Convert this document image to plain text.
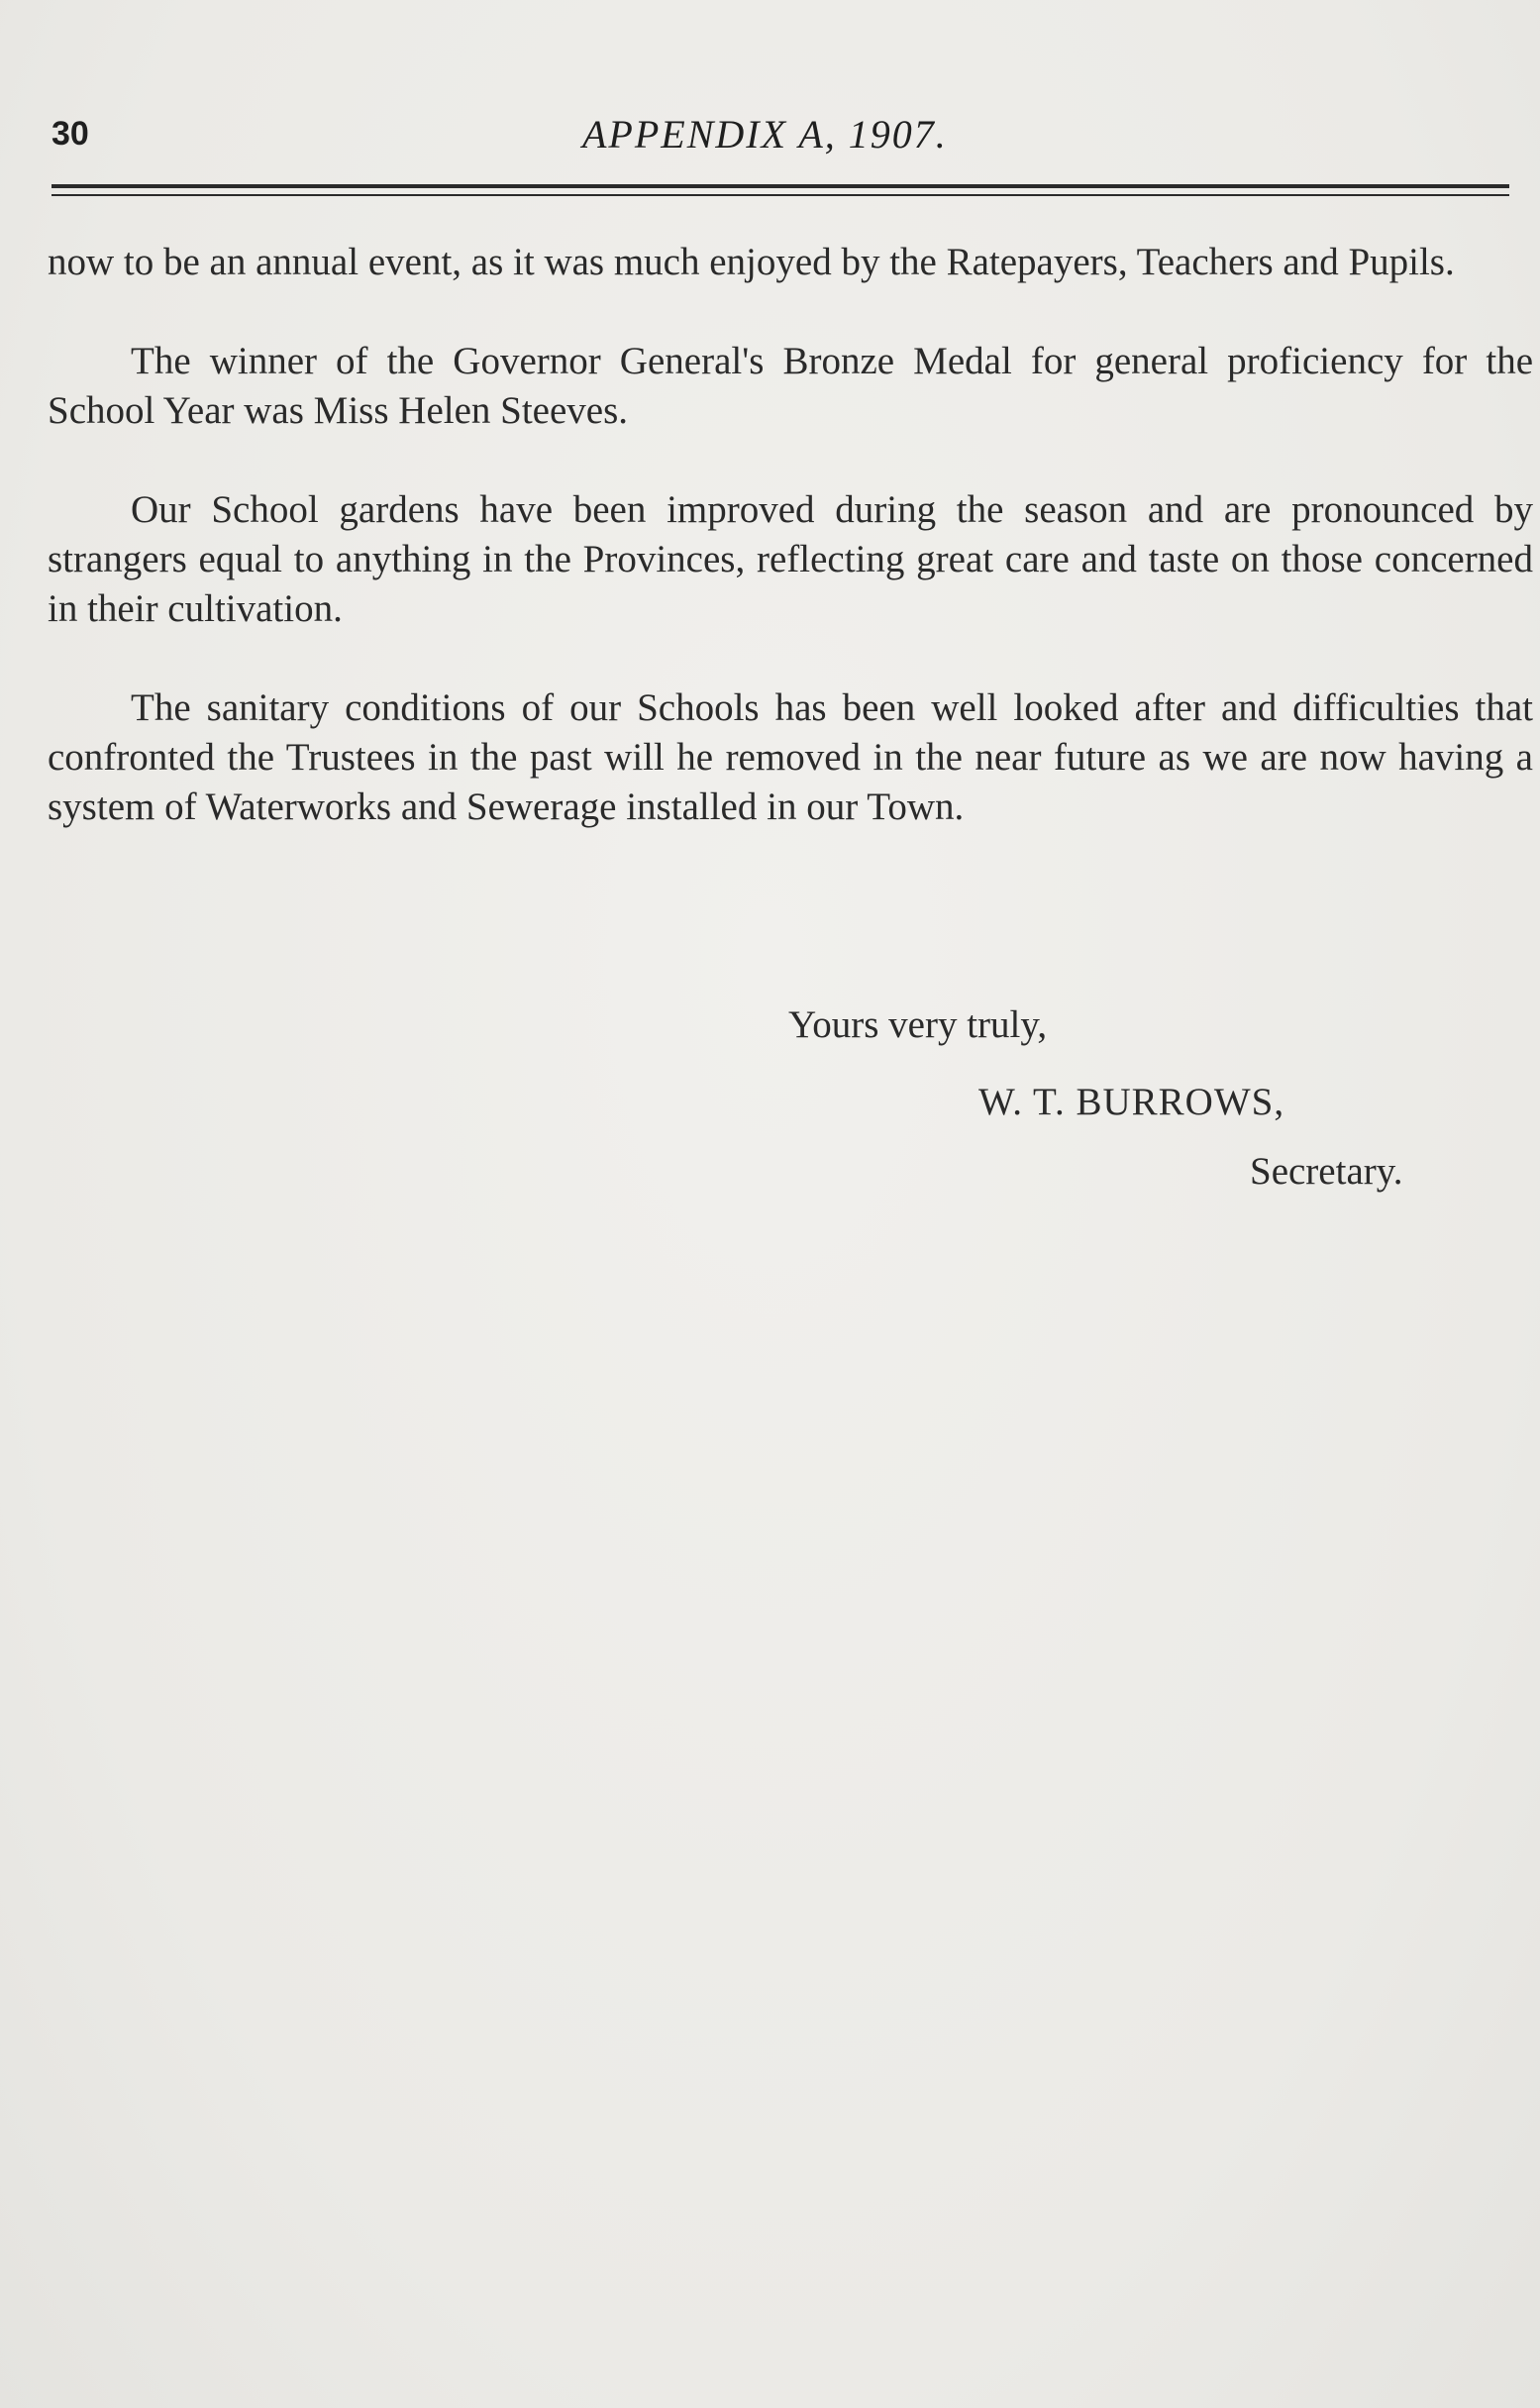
30	APPENDIX A, 1907.

now to be an annual event, as it was much enjoyed by the Ratepayers, Teachers and Pupils.

The winner of the Governor General's Bronze Medal for general proficiency for the School Year was Miss Helen Steeves.

Our School gardens have been improved during the season and are pronounced by strangers equal to anything in the Provinces, reflecting great care and taste on those concerned in their cultivation.

The sanitary conditions of our Schools has been well looked after and difficulties that confronted the Trustees in the past will he removed in the near future as we are now having a system of Waterworks and Sewerage installed in our Town.

Yours very truly,
W. T. BURROWS,
Secretary.
